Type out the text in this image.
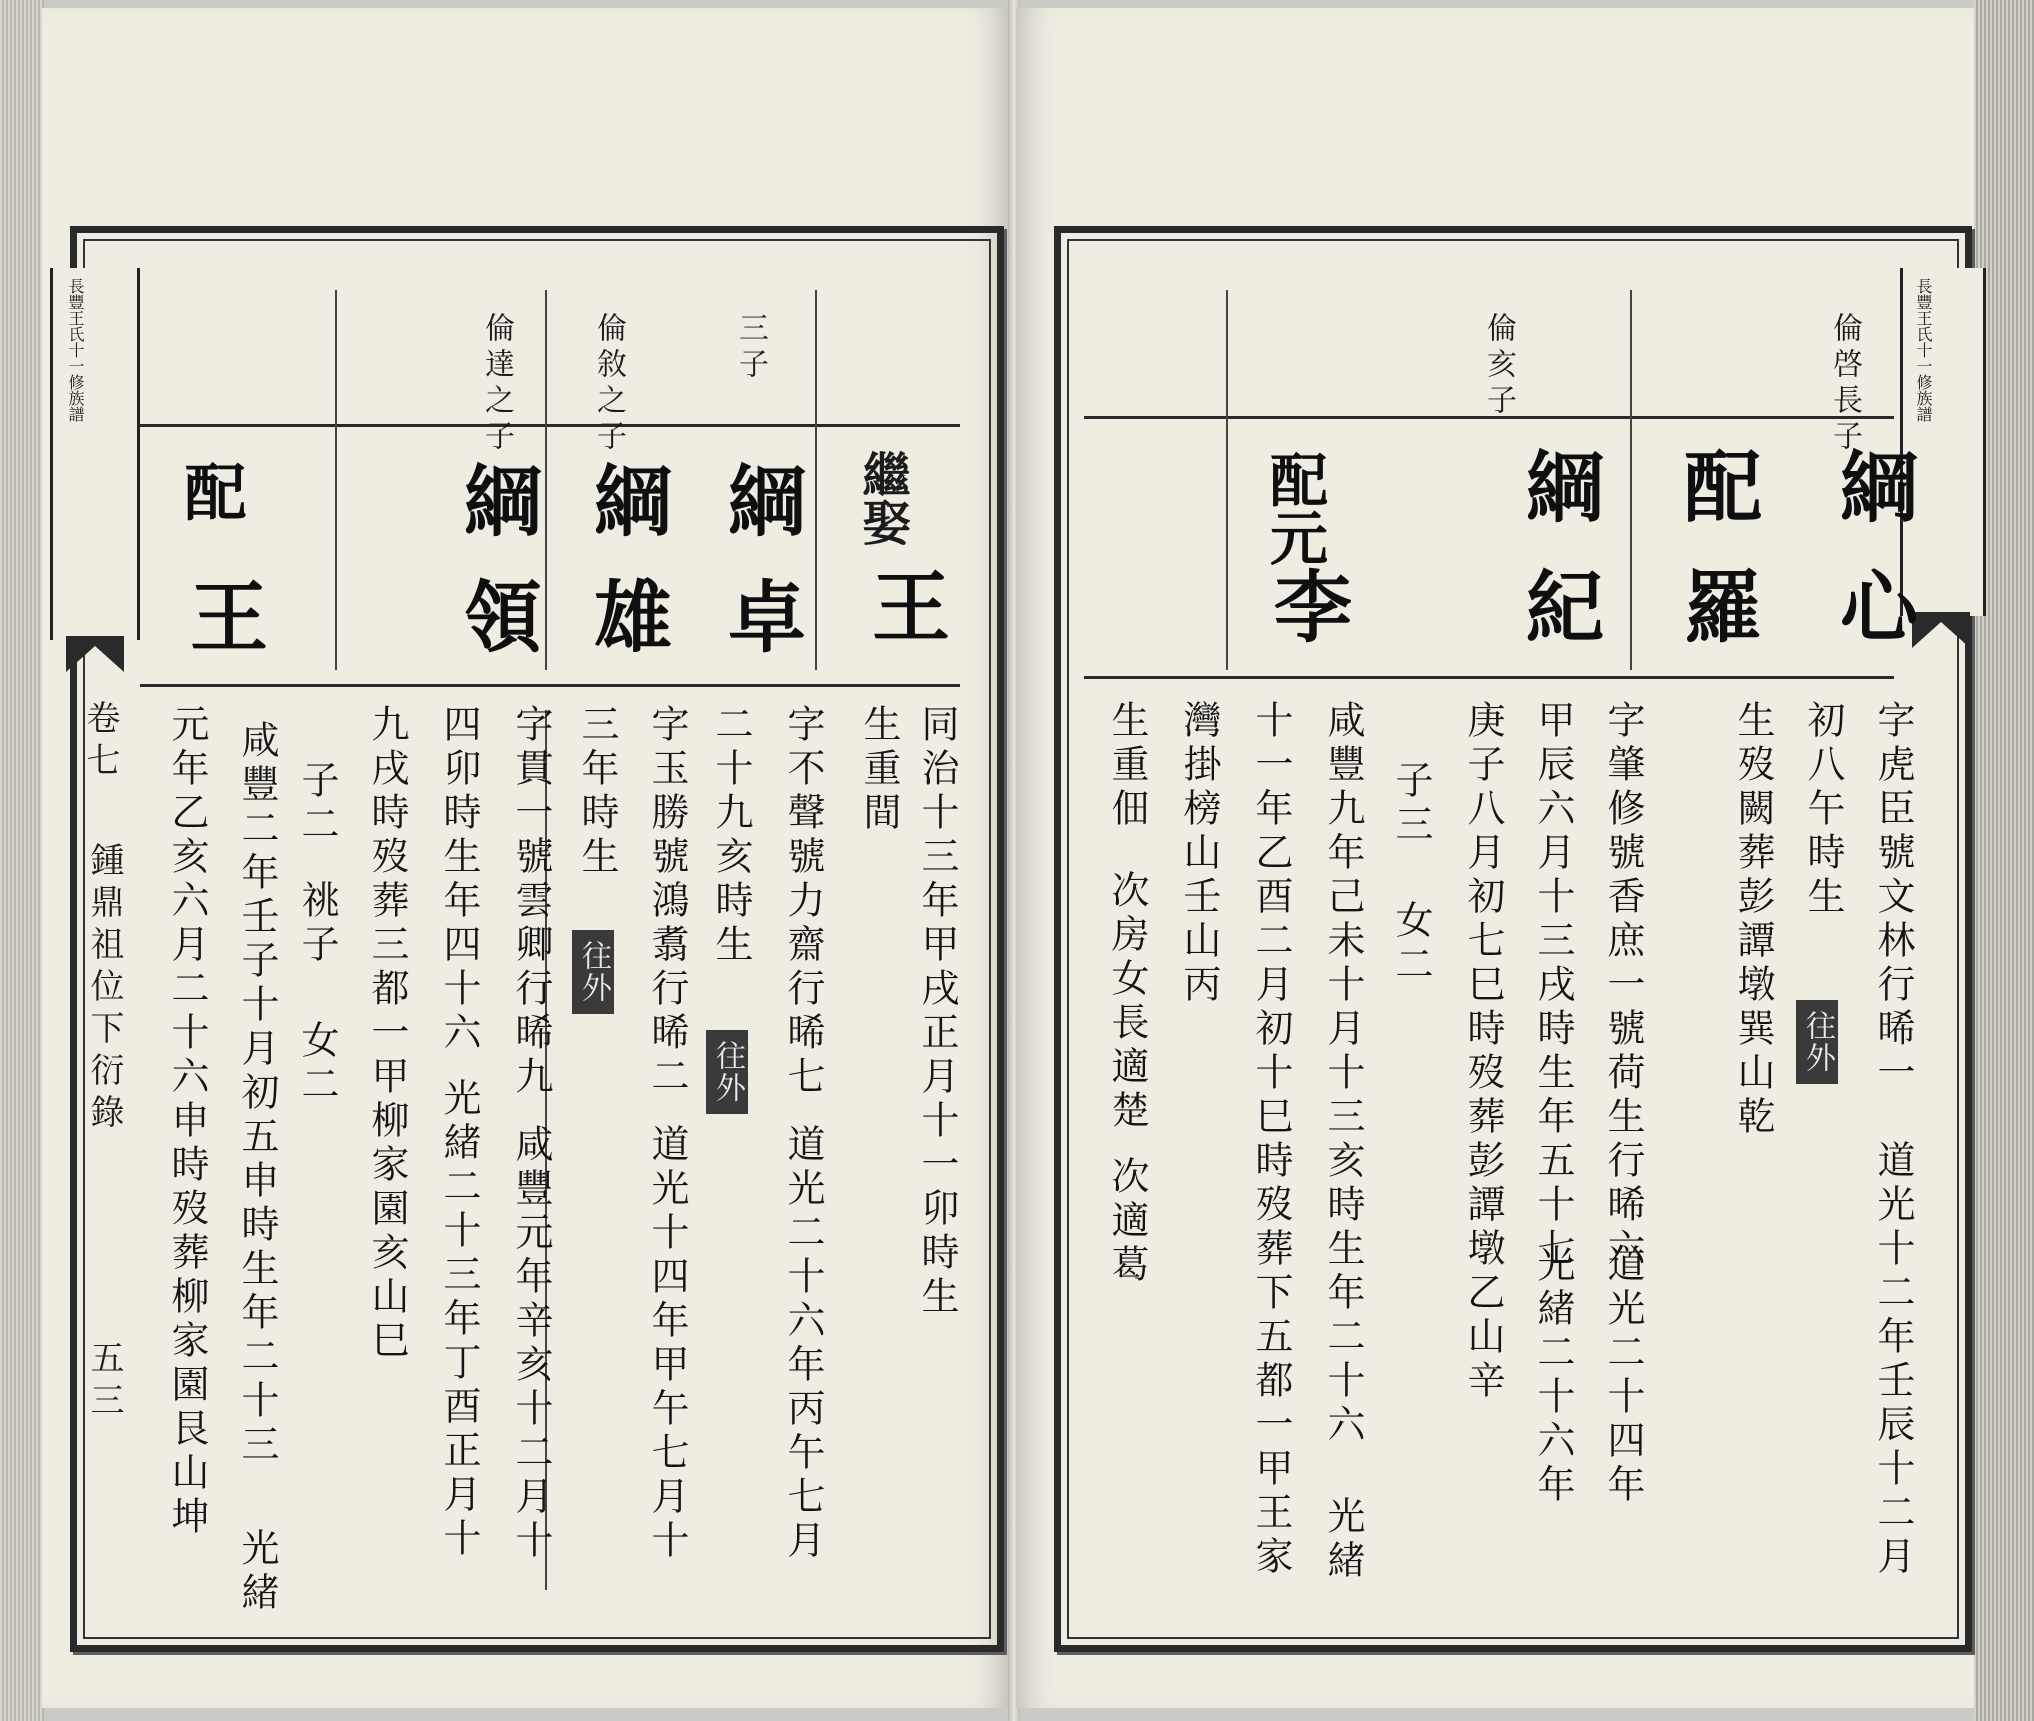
長豐王氏十一修族譜
卷七
鍾鼎祖位下衍錄
五三
三子
倫敘之子
倫達之子
繼娶
王
綱
卓
綱
雄
綱
領
配
王
同治十三年甲戌正月十一卯時生
生重間
字不聲號力齋行晞七
道光二十六年丙午七月
二十九亥時生
往外
字玉勝號鴻翥行晞二
道光十四年甲午七月十
三年時生
往外
字貫一號雲卿行晞九
咸豐元年辛亥十二月十
四卯時生年四十六
光緒二十三年丁酉正月十
九戌時歿葬三都一甲柳家園亥山巳
子二
祧子
女二
咸豐二年壬子十月初五申時生年二十三
光緒
元年乙亥六月二十六申時歿葬柳家園艮山坤
長豐王氏十一修族譜
倫啓長子
倫亥子
綱
心
配
羅
綱
紀
配元
李
字虎臣號文林行晞一
道光十二年壬辰十二月
初八午時生
往外
生歿闕葬彭譚墩巽山乾
字肇修號香庶一號荷生行晞六
道光二十四年
甲辰六月十三戌時生年五十七
光緒二十六年
庚子八月初七巳時歿葬彭譚墩乙山辛
子三
女二
咸豐九年己未十月十三亥時生年二十六
光緒
十一年乙酉二月初十巳時歿葬下五都一甲王家
灣掛榜山壬山丙
生重佃
次房女長適楚
次適葛
